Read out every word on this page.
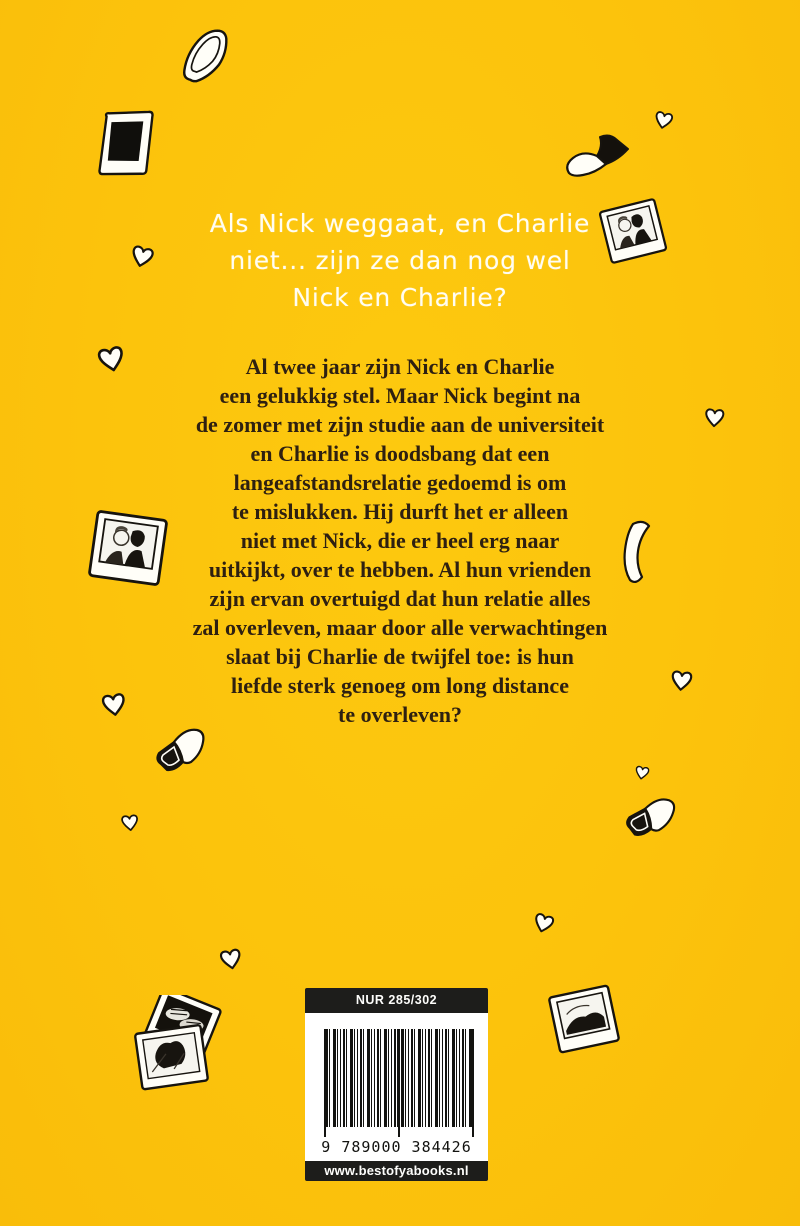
Als Nick weggaat, en Charlie
niet... zijn ze dan nog wel
Nick en Charlie?
Al twee jaar zijn Nick en Charlie
een gelukkig stel. Maar Nick begint na
de zomer met zijn studie aan de universiteit
en Charlie is doodsbang dat een
langeafstandsrelatie gedoemd is om
te mislukken. Hij durft het er alleen
niet met Nick, die er heel erg naar
uitkijkt, over te hebben. Al hun vrienden
zijn ervan overtuigd dat hun relatie alles
zal overleven, maar door alle verwachtingen
slaat bij Charlie de twijfel toe: is hun
liefde sterk genoeg om long distance
te overleven?
NUR 285/302
9 789000 384426
www.bestofyabooks.nl
